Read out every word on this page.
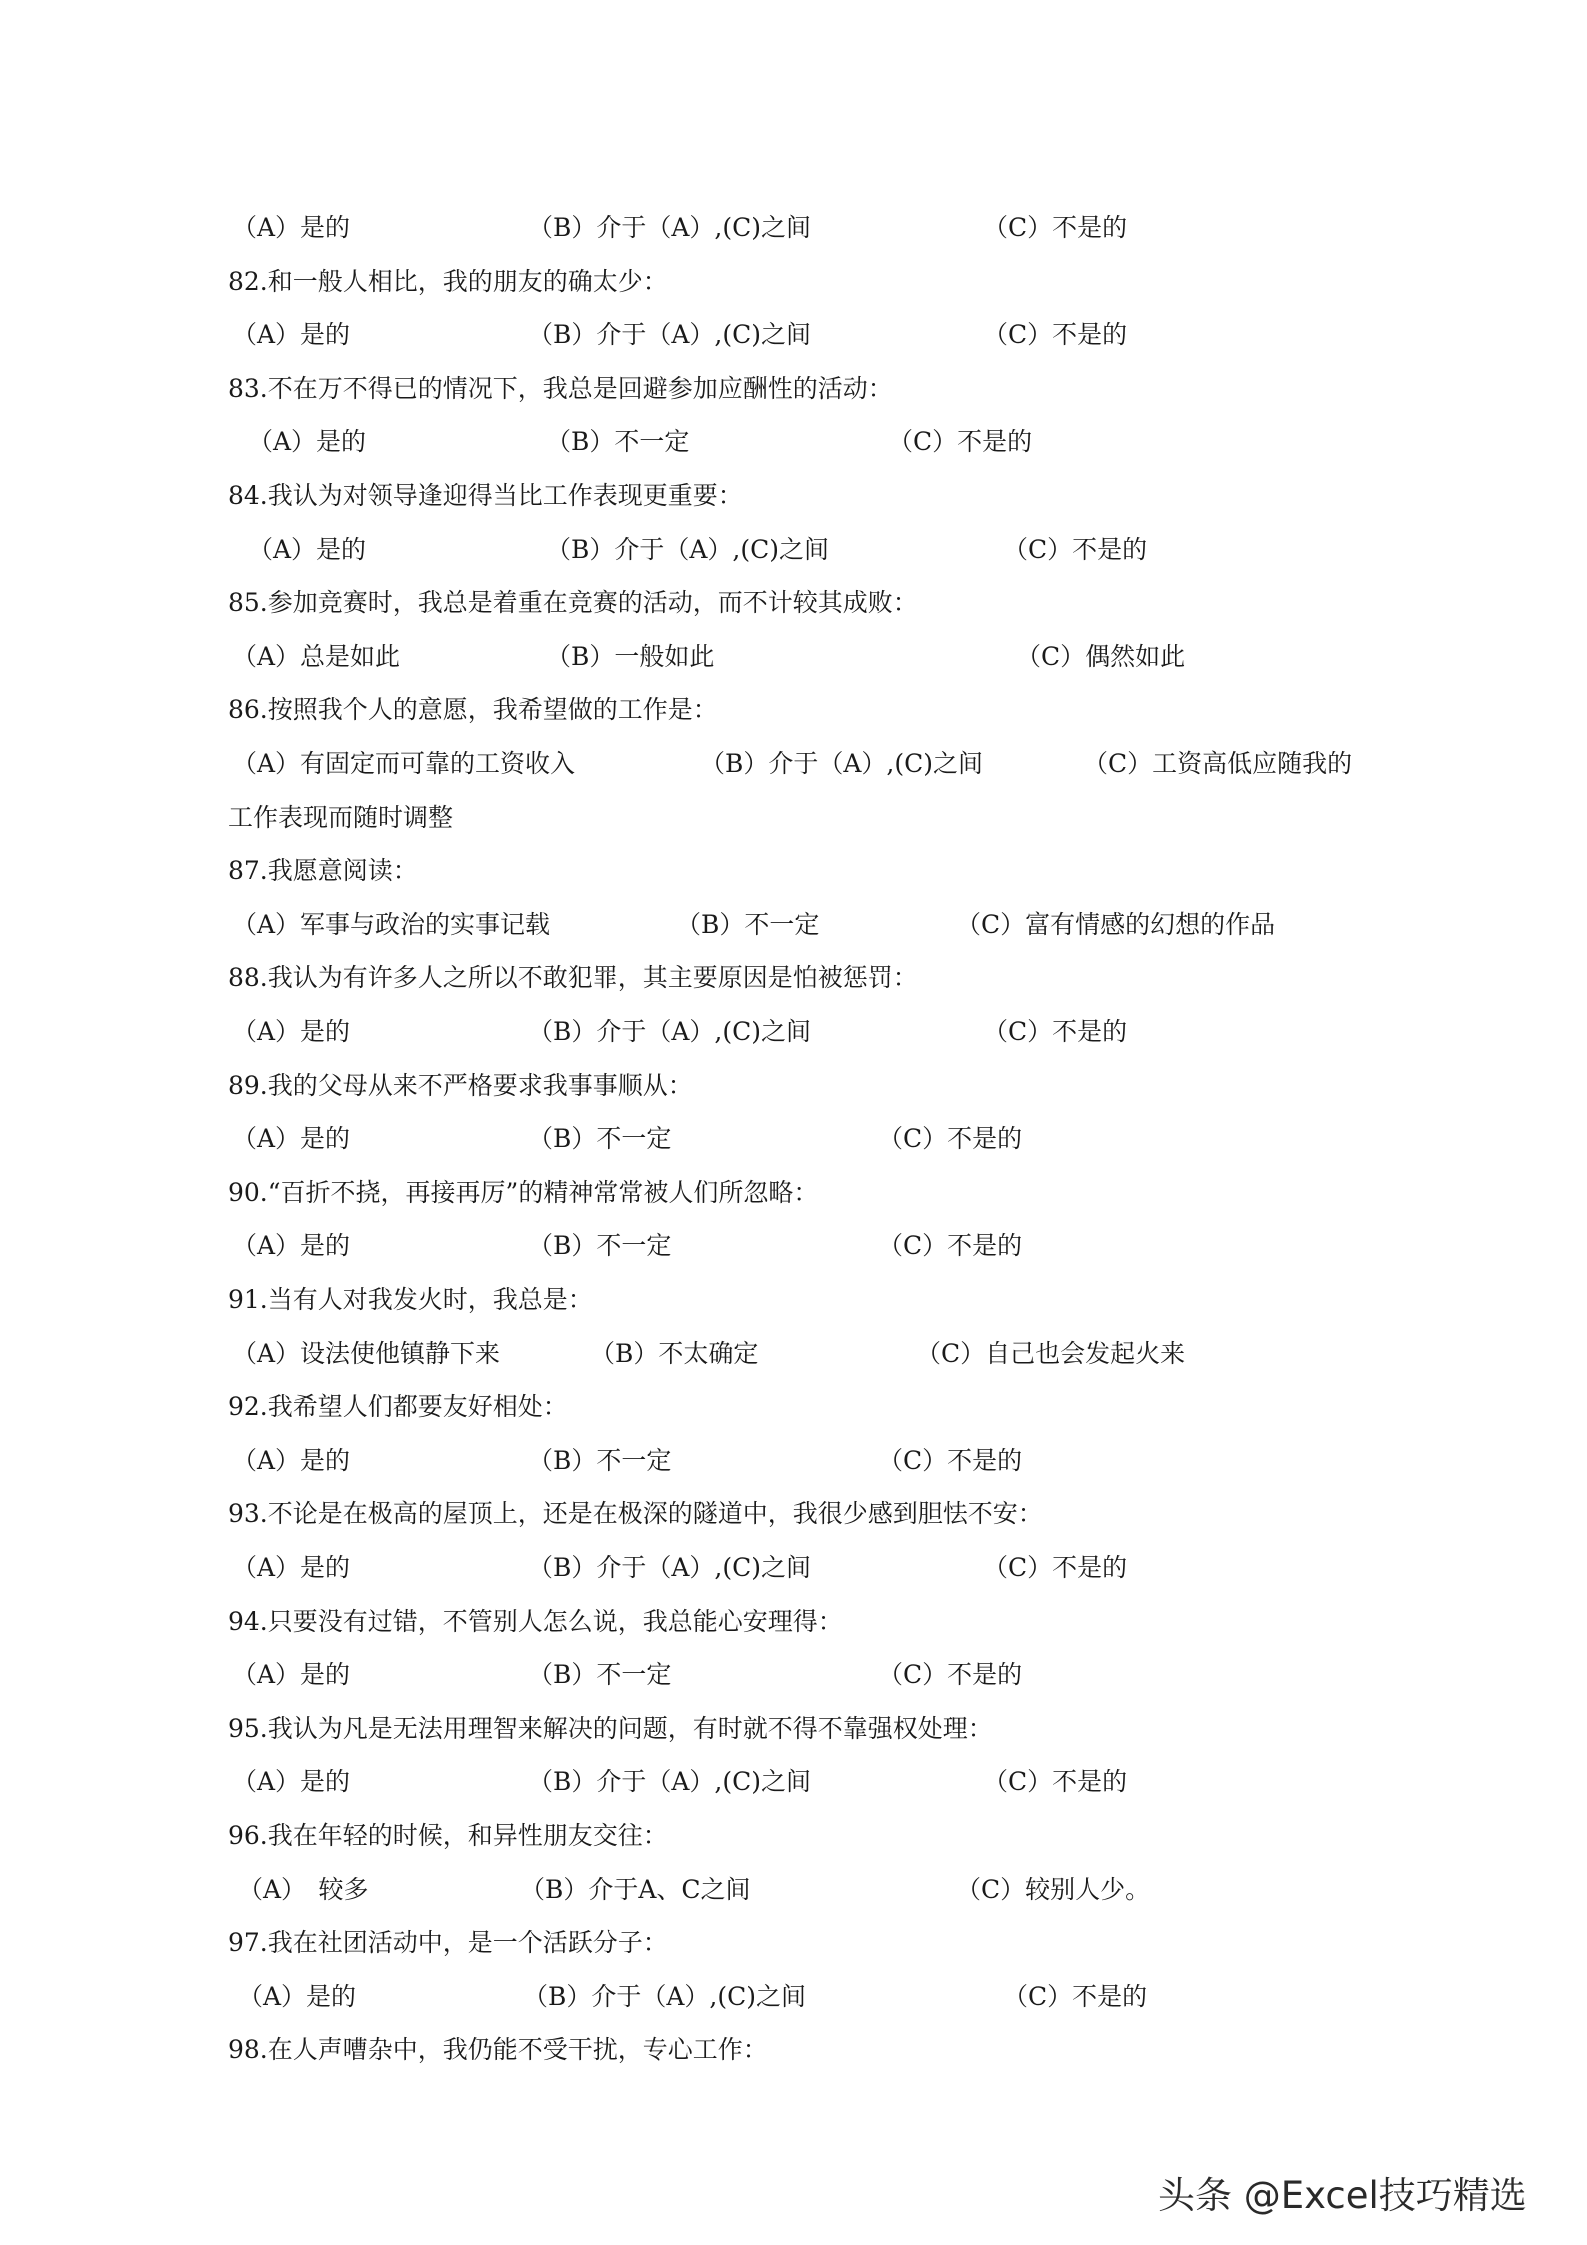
（A）是的	（B）介于（A）,(C)之间	（C）不是的
82.和一般人相比，我的朋友的确太少：
（A）是的	（B）介于（A）,(C)之间	（C）不是的
83.不在万不得已的情况下，我总是回避参加应酬性的活动：
（A）是的	（B）不一定	（C）不是的
84.我认为对领导逢迎得当比工作表现更重要：
（A）是的	（B）介于（A）,(C)之间	（C）不是的
85.参加竞赛时，我总是着重在竞赛的活动，而不计较其成败：
（A）总是如此	（B）一般如此	（C）偶然如此
86.按照我个人的意愿，我希望做的工作是：
（A）有固定而可靠的工资收入	（B）介于（A）,(C)之间	（C）工资高低应随我的
工作表现而随时调整
87.我愿意阅读：
（A）军事与政治的实事记载	（B）不一定	（C）富有情感的幻想的作品
88.我认为有许多人之所以不敢犯罪，其主要原因是怕被惩罚：
（A）是的	（B）介于（A）,(C)之间	（C）不是的
89.我的父母从来不严格要求我事事顺从：
（A）是的	（B）不一定	（C）不是的
90.“百折不挠，再接再厉”的精神常常被人们所忽略：
（A）是的	（B）不一定	（C）不是的
91.当有人对我发火时，我总是：
（A）设法使他镇静下来	（B）不太确定	（C）自己也会发起火来
92.我希望人们都要友好相处：
（A）是的	（B）不一定	（C）不是的
93.不论是在极高的屋顶上，还是在极深的隧道中，我很少感到胆怯不安：
（A）是的	（B）介于（A）,(C)之间	（C）不是的
94.只要没有过错，不管别人怎么说，我总能心安理得：
（A）是的	（B）不一定	（C）不是的
95.我认为凡是无法用理智来解决的问题，有时就不得不靠强权处理：
（A）是的	（B）介于（A）,(C)之间	（C）不是的
96.我在年轻的时候，和异性朋友交往：
（A）　较多	（B）介于A、C之间	（C）较别人少。
97.我在社团活动中，是一个活跃分子：
（A）是的	（B）介于（A）,(C)之间	（C）不是的
98.在人声嘈杂中，我仍能不受干扰，专心工作：
头条 @Excel技巧精选
